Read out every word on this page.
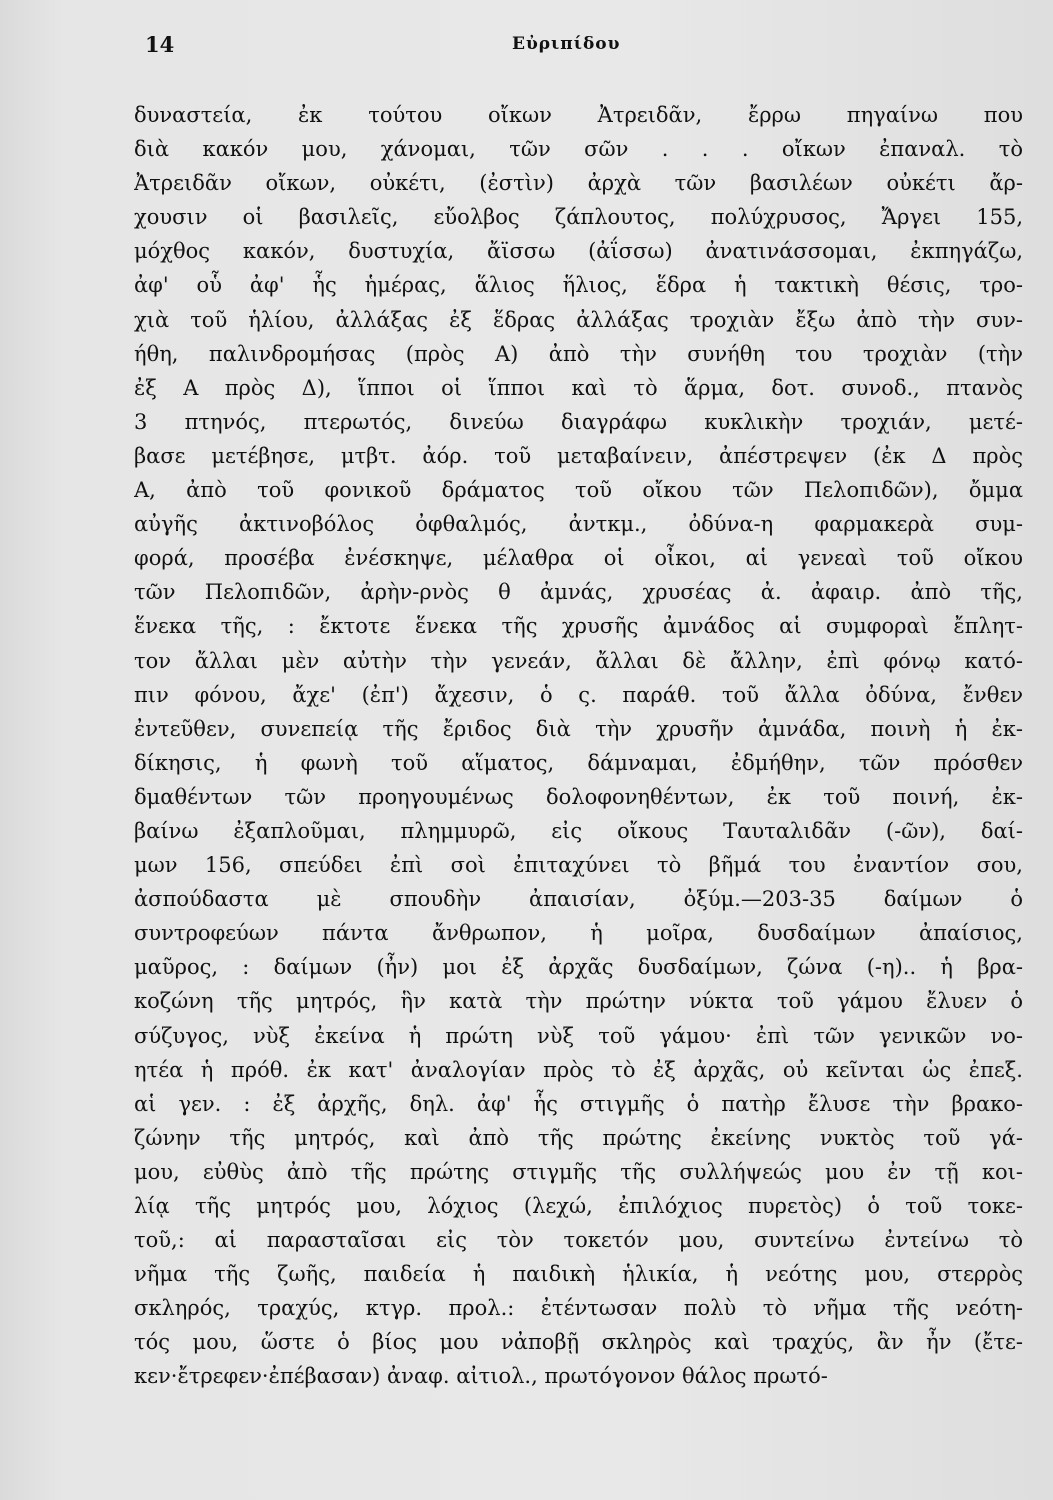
14	Εὐριπίδου
δυναστεία, ἐκ τούτου οἴκων Ἀτρειδᾶν, ἔρρω πηγαίνω που
διὰ κακόν μου, χάνομαι, τῶν σῶν . . . οἴκων ἐπαναλ. τὸ
Ἀτρειδᾶν οἴκων, οὐκέτι, (ἐστὶν) ἀρχὰ τῶν βασιλέων οὐκέτι ἄρ-
χουσιν οἱ βασιλεῖς, εὔολβος ζάπλουτος, πολύχρυσος, Ἄργει 155,
μόχθος κακόν, δυστυχία, ἄϊσσω (ἀΐσσω) ἀνατινάσσομαι, ἐκπηγάζω,
ἀφ' οὗ ἀφ' ἧς ἡμέρας, ἅλιος ἥλιος, ἕδρα ἡ τακτικὴ θέσις, τρο-
χιὰ τοῦ ἡλίου, ἀλλάξας ἐξ ἕδρας ἀλλάξας τροχιὰν ἔξω ἀπὸ τὴν συν-
ήθη, παλινδρομήσας (πρὸς Α) ἀπὸ τὴν συνήθη του τροχιὰν (τὴν
ἐξ Α πρὸς Δ), ἵπποι οἱ ἵπποι καὶ τὸ ἅρμα, δοτ. συνοδ., πτανὸς
3 πτηνός, πτερωτός, δινεύω διαγράφω κυκλικὴν τροχιάν, μετέ-
βασε μετέβησε, μτβτ. ἀόρ. τοῦ μεταβαίνειν, ἀπέστρεψεν (ἐκ Δ πρὸς
Α, ἀπὸ τοῦ φονικοῦ δράματος τοῦ οἴκου τῶν Πελοπιδῶν), ὄμμα
αὐγῆς ἀκτινοβόλος ὀφθαλμός, ἀντκμ., ὀδύνα-η φαρμακερὰ συμ-
φορά, προσέβα ἐνέσκηψε, μέλαθρα οἱ οἶκοι, αἱ γενεαὶ τοῦ οἴκου
τῶν Πελοπιδῶν, ἀρὴν-ρνὸς θ ἀμνάς, χρυσέας ἀ. ἀφαιρ. ἀπὸ τῆς,
ἕνεκα τῆς, : ἔκτοτε ἕνεκα τῆς χρυσῆς ἀμνάδος αἱ συμφοραὶ ἔπλητ-
τον ἄλλαι μὲν αὐτὴν τὴν γενεάν, ἄλλαι δὲ ἄλλην, ἐπὶ φόνῳ κατό-
πιν φόνου, ἄχε' (ἐπ') ἄχεσιν, ὁ ς. παράθ. τοῦ ἄλλα ὀδύνα, ἔνθεν
ἐντεῦθεν, συνεπείᾳ τῆς ἔριδος διὰ τὴν χρυσῆν ἀμνάδα, ποινὴ ἡ ἐκ-
δίκησις, ἡ φωνὴ τοῦ αἵματος, δάμναμαι, ἐδμήθην, τῶν πρόσθεν
δμαθέντων τῶν προηγουμένως δολοφονηθέντων, ἐκ τοῦ ποινή, ἐκ-
βαίνω ἐξαπλοῦμαι, πλημμυρῶ, εἰς οἴκους Ταυταλιδᾶν (-ῶν), δαί-
μων 156, σπεύδει ἐπὶ σοὶ ἐπιταχύνει τὸ βῆμά του ἐναντίον σου,
ἀσπούδαστα μὲ σπουδὴν ἀπαισίαν, ὀξύμ.—203-35 δαίμων ὁ
συντροφεύων πάντα ἄνθρωπον, ἡ μοῖρα, δυσδαίμων ἀπαίσιος,
μαῦρος, : δαίμων (ἦν) μοι ἐξ ἀρχᾶς δυσδαίμων, ζώνα (-η).. ἡ βρα-
κοζώνη τῆς μητρός, ἣν κατὰ τὴν πρώτην νύκτα τοῦ γάμου ἔλυεν ὁ
σύζυγος, νὺξ ἐκείνα ἡ πρώτη νὺξ τοῦ γάμου· ἐπὶ τῶν γενικῶν νο-
ητέα ἡ πρόθ. ἐκ κατ' ἀναλογίαν πρὸς τὸ ἐξ ἀρχᾶς, οὐ κεῖνται ὡς ἐπεξ.
αἱ γεν. : ἐξ ἀρχῆς, δηλ. ἀφ' ἧς στιγμῆς ὁ πατὴρ ἔλυσε τὴν βρακο-
ζώνην τῆς μητρός, καὶ ἀπὸ τῆς πρώτης ἐκείνης νυκτὸς τοῦ γά-
μου, εὐθὺς ἀπὸ τῆς πρώτης στιγμῆς τῆς συλλήψεώς μου ἐν τῇ κοι-
λίᾳ τῆς μητρός μου, λόχιος (λεχώ, ἐπιλόχιος πυρετὸς) ὁ τοῦ τοκε-
τοῦ,: αἱ παρασταῖσαι εἰς τὸν τοκετόν μου, συντείνω ἐντείνω τὸ
νῆμα τῆς ζωῆς, παιδεία ἡ παιδικὴ ἡλικία, ἡ νεότης μου, στερρὸς
σκληρός, τραχύς, κτγρ. προλ.: ἐτέντωσαν πολὺ τὸ νῆμα τῆς νεότη-
τός μου, ὥστε ὁ βίος μου νἀποβῇ σκληρὸς καὶ τραχύς, ἂν ἦν (ἔτε-
κεν·ἔτρεφεν·ἐπέβασαν) ἀναφ. αἰτιολ., πρωτόγονον θάλος πρωτό-
